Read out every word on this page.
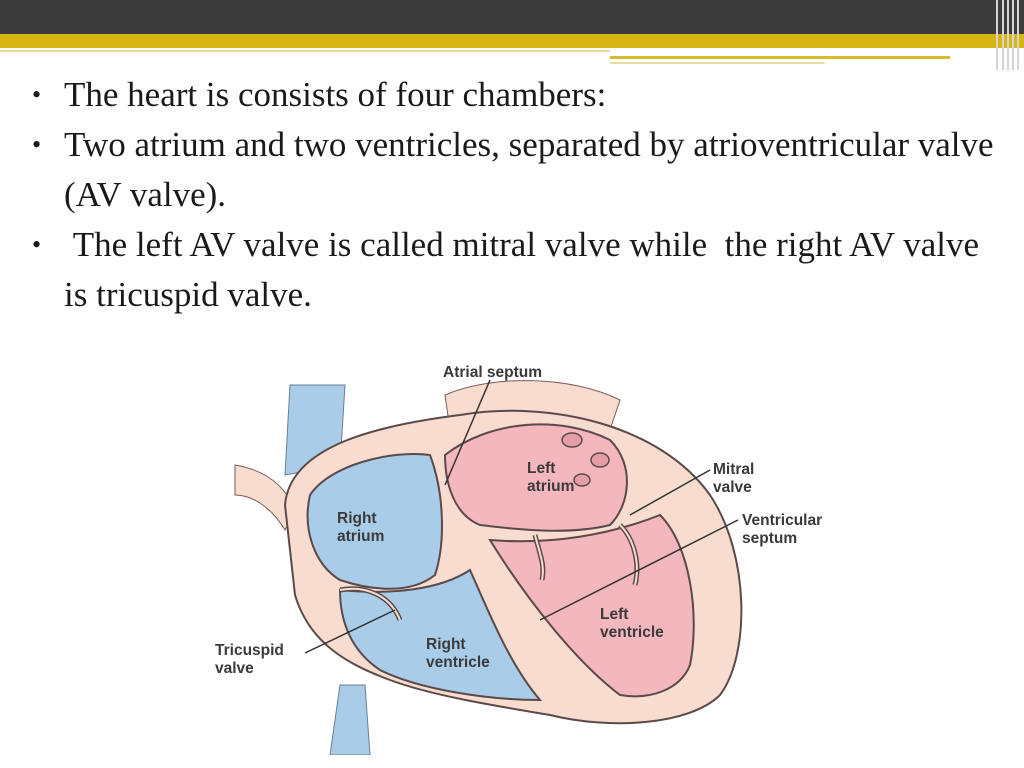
• The heart is consists of four chambers:
• Two atrium and two ventricles, separated by atrioventricular valve (AV valve).
• The left AV valve is called mitral valve while  the right AV valve is tricuspid valve.
Atrial septum
Left
atrium
Mitral
valve
Ventricular
septum
Right
atrium
Left
ventricle
Right
ventricle
Tricuspid
valve
